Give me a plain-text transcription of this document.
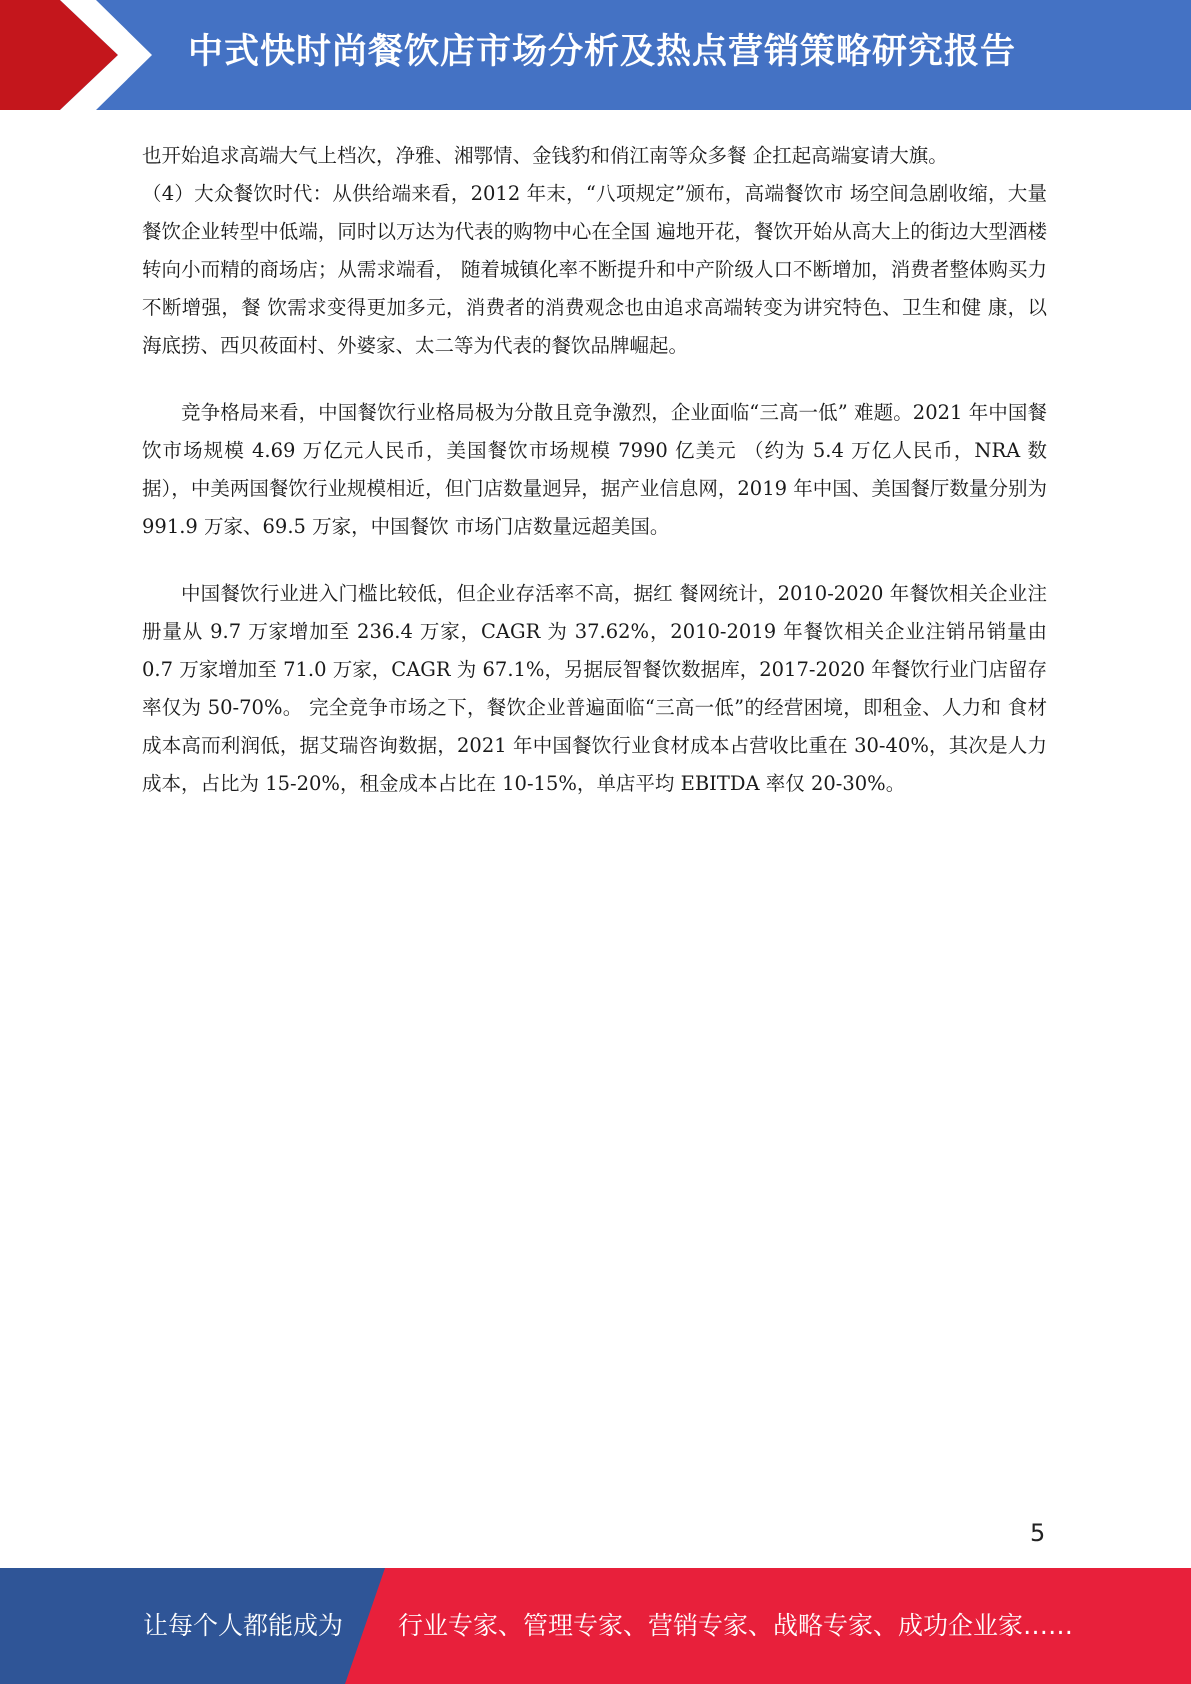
中式快时尚餐饮店市场分析及热点营销策略研究报告

也开始追求高端大气上档次，净雅、湘鄂情、金钱豹和俏江南等众多餐 企扛起高端宴请大旗。

（4）大众餐饮时代：从供给端来看，2012 年末，“八项规定”颁布，高端餐饮市 场空间急剧收缩，大量餐饮企业转型中低端，同时以万达为代表的购物中心在全国 遍地开花，餐饮开始从高大上的街边大型酒楼转向小而精的商场店；从需求端看， 随着城镇化率不断提升和中产阶级人口不断增加，消费者整体购买力不断增强，餐 饮需求变得更加多元，消费者的消费观念也由追求高端转变为讲究特色、卫生和健 康，以海底捞、西贝莜面村、外婆家、太二等为代表的餐饮品牌崛起。

竞争格局来看，中国餐饮行业格局极为分散且竞争激烈，企业面临“三高一低” 难题。2021 年中国餐饮市场规模 4.69 万亿元人民币，美国餐饮市场规模 7990 亿美元 （约为 5.4 万亿人民币，NRA 数据），中美两国餐饮行业规模相近，但门店数量迥异，据产业信息网，2019 年中国、美国餐厅数量分别为 991.9 万家、69.5 万家，中国餐饮 市场门店数量远超美国。

中国餐饮行业进入门槛比较低，但企业存活率不高，据红 餐网统计，2010-2020 年餐饮相关企业注册量从 9.7 万家增加至 236.4 万家，CAGR 为 37.62%，2010-2019 年餐饮相关企业注销吊销量由 0.7 万家增加至 71.0 万家，CAGR 为 67.1%，另据辰智餐饮数据库，2017-2020 年餐饮行业门店留存率仅为 50-70%。 完全竞争市场之下，餐饮企业普遍面临“三高一低”的经营困境，即租金、人力和 食材成本高而利润低，据艾瑞咨询数据，2021 年中国餐饮行业食材成本占营收比重在 30-40%，其次是人力成本，占比为 15-20%，租金成本占比在 10-15%，单店平均 EBITDA 率仅 20-30%。

5
让每个人都能成为 行业专家、管理专家、营销专家、战略专家、成功企业家……
